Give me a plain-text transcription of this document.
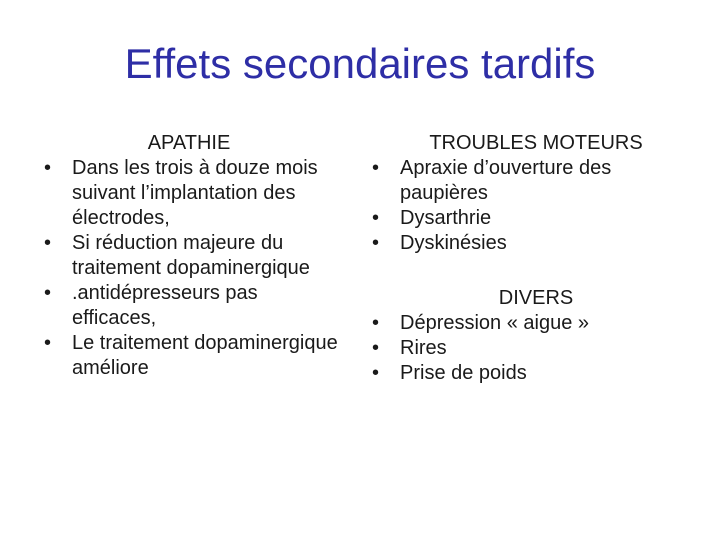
Effets secondaires tardifs

APATHIE

• Dans les trois à douze mois suivant l’implantation des électrodes,
• Si réduction majeure du traitement dopaminergique
• .antidépresseurs pas efficaces,
• Le traitement dopaminergique améliore

TROUBLES MOTEURS

• Apraxie d’ouverture des paupières
• Dysarthrie
• Dyskinésies

DIVERS

• Dépression « aigue »
• Rires
• Prise de poids
